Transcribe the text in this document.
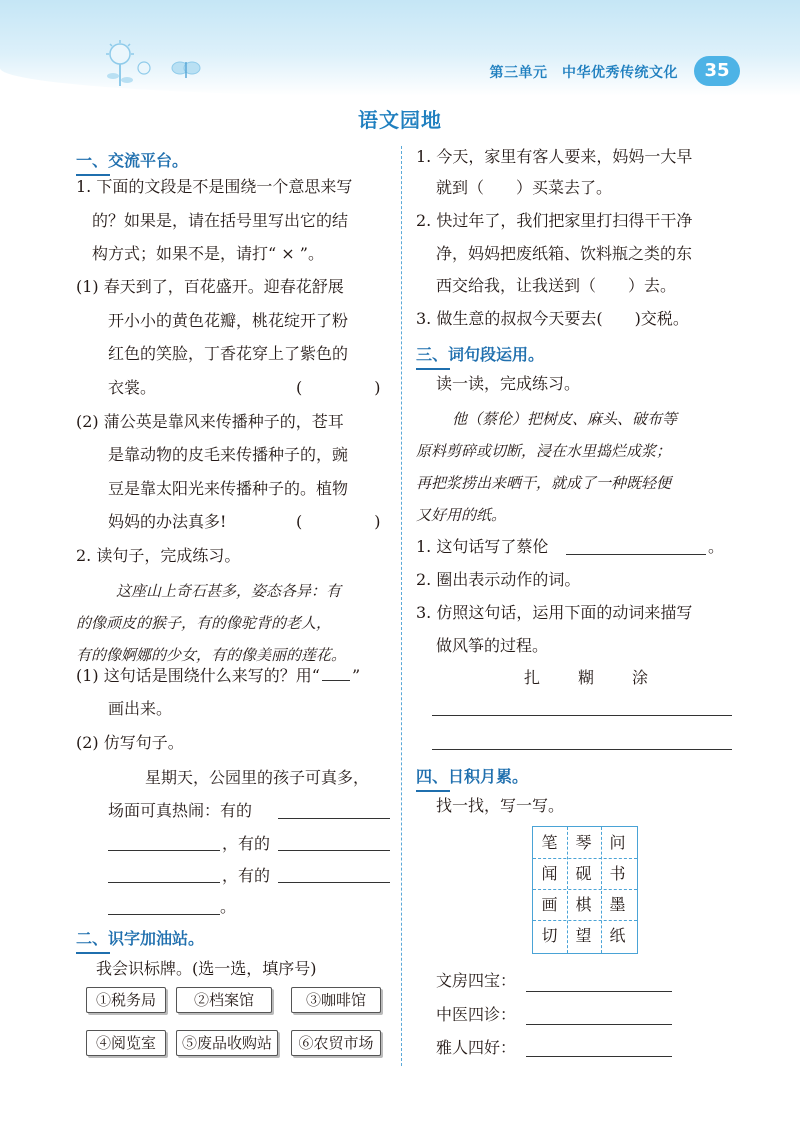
第三单元　中华优秀传统文化	35
语文园地
一、交流平台。
1. 下面的文段是不是围绕一个意思来写
的？如果是，请在括号里写出它的结
构方式；如果不是，请打“ × ”。
(1) 春天到了，百花盛开。迎春花舒展
开小小的黄色花瓣，桃花绽开了粉
红色的笑脸，丁香花穿上了紫色的
衣裳。	(	)
(2) 蒲公英是靠风来传播种子的，苍耳
是靠动物的皮毛来传播种子的，豌
豆是靠太阳光来传播种子的。植物
妈妈的办法真多!	(	)
2. 读句子，完成练习。
这座山上奇石甚多，姿态各异：有
的像顽皮的猴子，有的像驼背的老人，
有的像婀娜的少女，有的像美丽的莲花。
(1) 这句话是围绕什么来写的？用“ ”
画出来。
(2) 仿写句子。
星期天，公园里的孩子可真多，
场面可真热闹：有的
，有的
，有的
。
二、识字加油站。
我会识标牌。(选一选，填序号)
①税务局	②档案馆	③咖啡馆
④阅览室	⑤废品收购站	⑥农贸市场
1. 今天，家里有客人要来，妈妈一大早
就到（　　）买菜去了。
2. 快过年了，我们把家里打扫得干干净
净，妈妈把废纸箱、饮料瓶之类的东
西交给我，让我送到（　　）去。
3. 做生意的叔叔今天要去(　　)交税。
三、词句段运用。
读一读，完成练习。
他（蔡伦）把树皮、麻头、破布等
原料剪碎或切断，浸在水里捣烂成浆；
再把浆捞出来晒干，就成了一种既轻便
又好用的纸。
1. 这句话写了蔡伦	。
2. 圈出表示动作的词。
3. 仿照这句话，运用下面的动词来描写
做风筝的过程。
扎 糊 涂
四、日积月累。
找一找，写一写。
笔	琴	问
闻	砚	书
画	棋	墨
切	望	纸
文房四宝：
中医四诊：
雅人四好：
